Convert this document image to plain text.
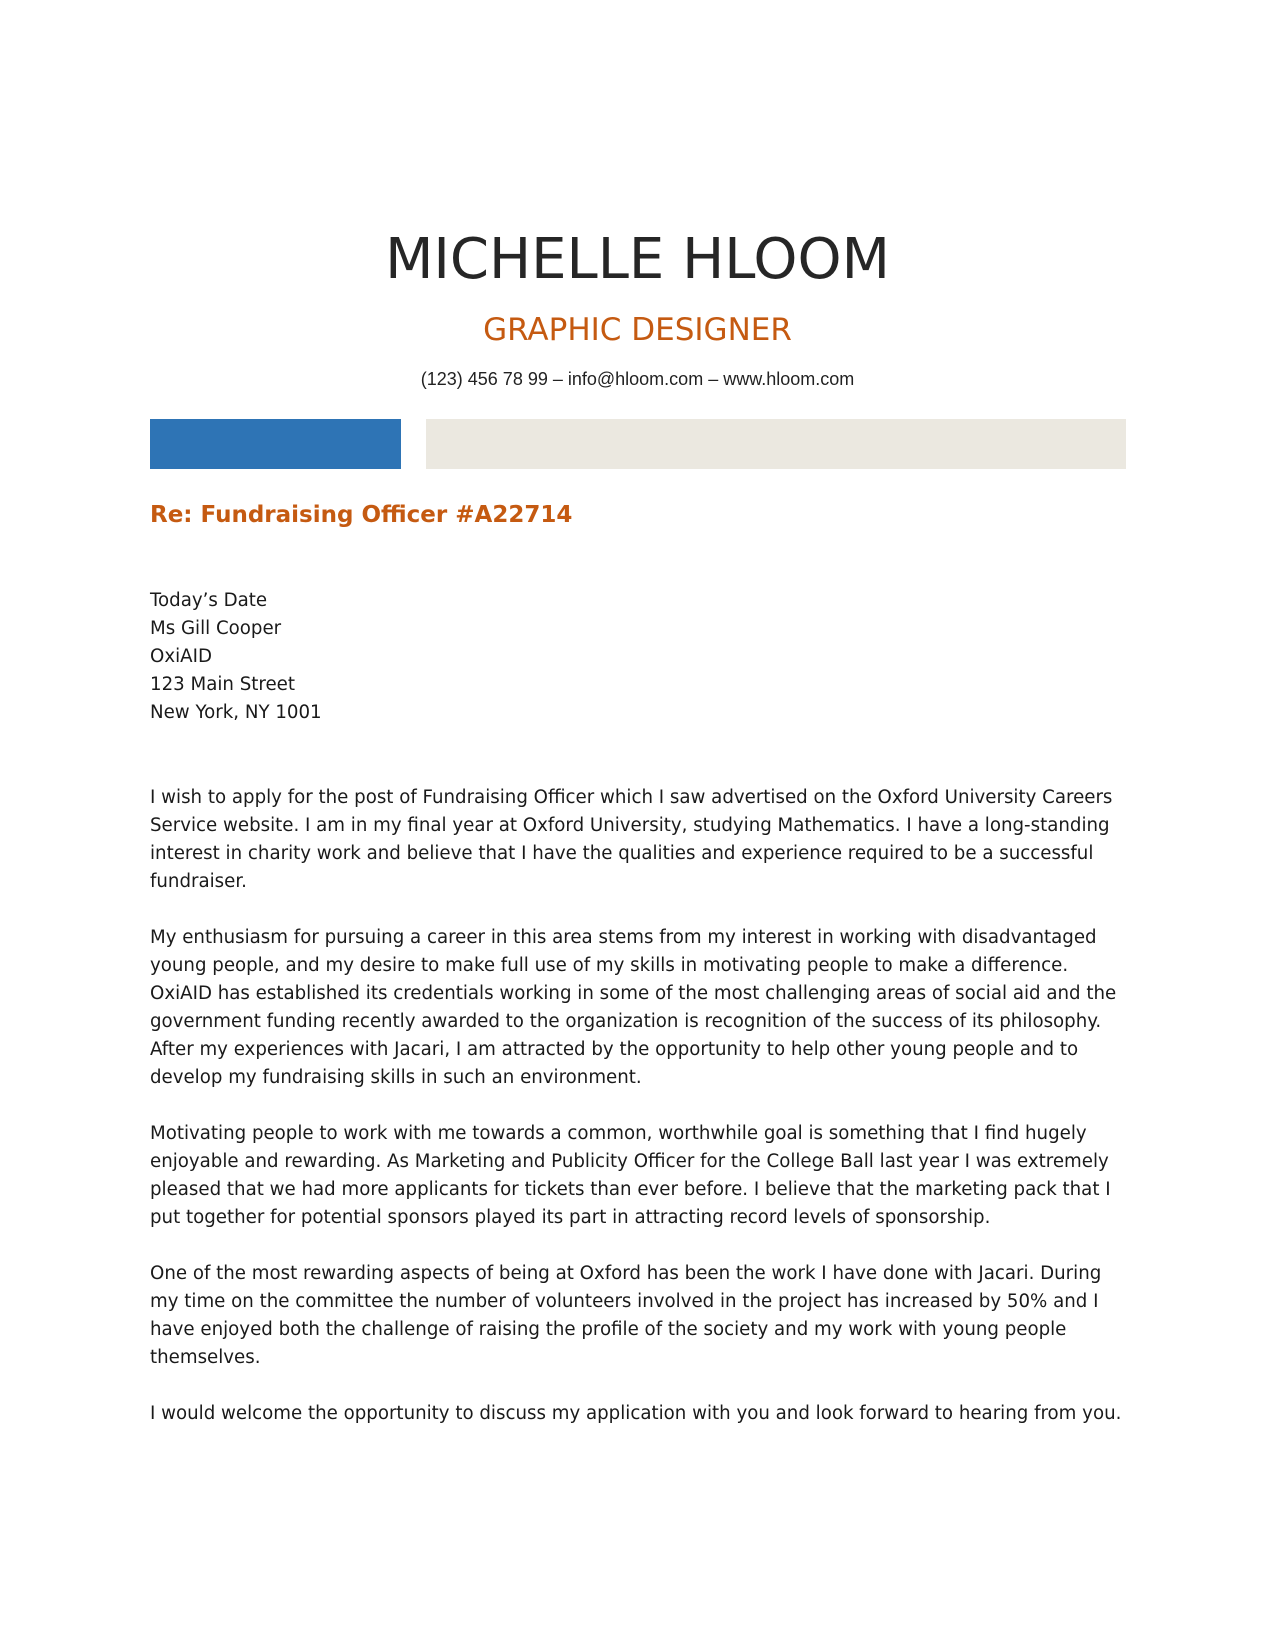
MICHELLE HLOOM
GRAPHIC DESIGNER
(123) 456 78 99 – info@hloom.com – www.hloom.com
Re: Fundraising Officer #A22714
Today’s Date
Ms Gill Cooper
OxiAID
123 Main Street
New York, NY 1001

I wish to apply for the post of Fundraising Officer which I saw advertised on the Oxford University Careers Service website. I am in my final year at Oxford University, studying Mathematics. I have a long-standing interest in charity work and believe that I have the qualities and experience required to be a successful fundraiser.

My enthusiasm for pursuing a career in this area stems from my interest in working with disadvantaged young people, and my desire to make full use of my skills in motivating people to make a difference. OxiAID has established its credentials working in some of the most challenging areas of social aid and the government funding recently awarded to the organization is recognition of the success of its philosophy. After my experiences with Jacari, I am attracted by the opportunity to help other young people and to develop my fundraising skills in such an environment.

Motivating people to work with me towards a common, worthwhile goal is something that I find hugely enjoyable and rewarding. As Marketing and Publicity Officer for the College Ball last year I was extremely pleased that we had more applicants for tickets than ever before. I believe that the marketing pack that I put together for potential sponsors played its part in attracting record levels of sponsorship.

One of the most rewarding aspects of being at Oxford has been the work I have done with Jacari. During my time on the committee the number of volunteers involved in the project has increased by 50% and I have enjoyed both the challenge of raising the profile of the society and my work with young people themselves.

I would welcome the opportunity to discuss my application with you and look forward to hearing from you.
